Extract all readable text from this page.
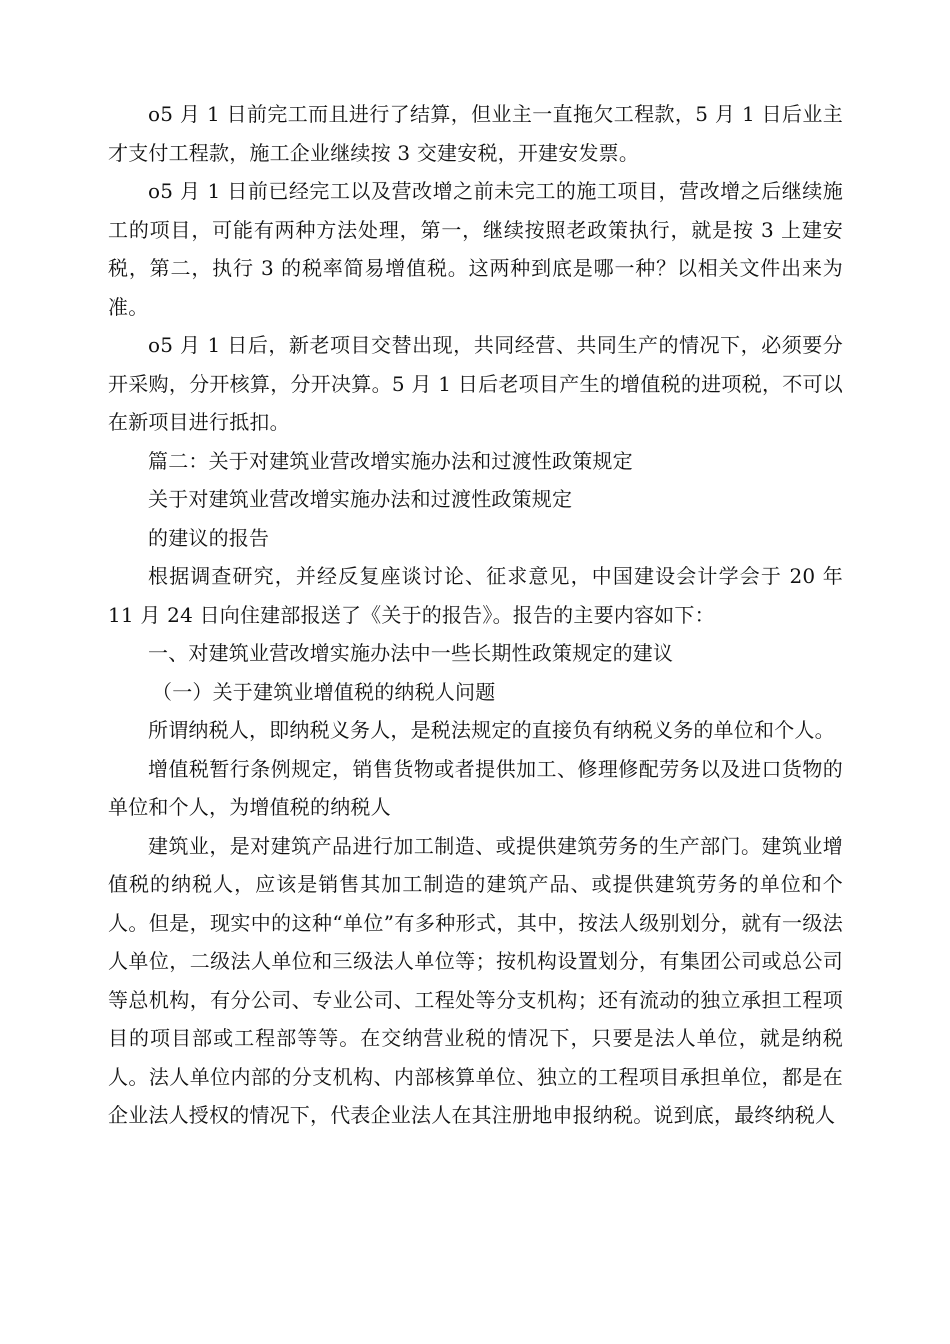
o5 月 1 日前完工而且进行了结算，但业主一直拖欠工程款，5 月 1 日后业主才支付工程款，施工企业继续按 3 交建安税，开建安发票。

o5 月 1 日前已经完工以及营改增之前未完工的施工项目，营改增之后继续施工的项目，可能有两种方法处理，第一，继续按照老政策执行，就是按 3 上建安税，第二，执行 3 的税率简易增值税。这两种到底是哪一种？以相关文件出来为准。

o5 月 1 日后，新老项目交替出现，共同经营、共同生产的情况下，必须要分开采购，分开核算，分开决算。5 月 1 日后老项目产生的增值税的进项税，不可以在新项目进行抵扣。

篇二：关于对建筑业营改增实施办法和过渡性政策规定

关于对建筑业营改增实施办法和过渡性政策规定

的建议的报告

根据调查研究，并经反复座谈讨论、征求意见，中国建设会计学会于 20 年 11 月 24 日向住建部报送了《关于的报告》。报告的主要内容如下：

一、对建筑业营改增实施办法中一些长期性政策规定的建议

（一）关于建筑业增值税的纳税人问题

所谓纳税人，即纳税义务人，是税法规定的直接负有纳税义务的单位和个人。

增值税暂行条例规定，销售货物或者提供加工、修理修配劳务以及进口货物的单位和个人，为增值税的纳税人

建筑业，是对建筑产品进行加工制造、或提供建筑劳务的生产部门。建筑业增值税的纳税人，应该是销售其加工制造的建筑产品、或提供建筑劳务的单位和个人。但是，现实中的这种“单位”有多种形式，其中，按法人级别划分，就有一级法人单位，二级法人单位和三级法人单位等；按机构设置划分，有集团公司或总公司等总机构，有分公司、专业公司、工程处等分支机构；还有流动的独立承担工程项目的项目部或工程部等等。在交纳营业税的情况下，只要是法人单位，就是纳税人。法人单位内部的分支机构、内部核算单位、独立的工程项目承担单位，都是在企业法人授权的情况下，代表企业法人在其注册地申报纳税。说到底，最终纳税人
